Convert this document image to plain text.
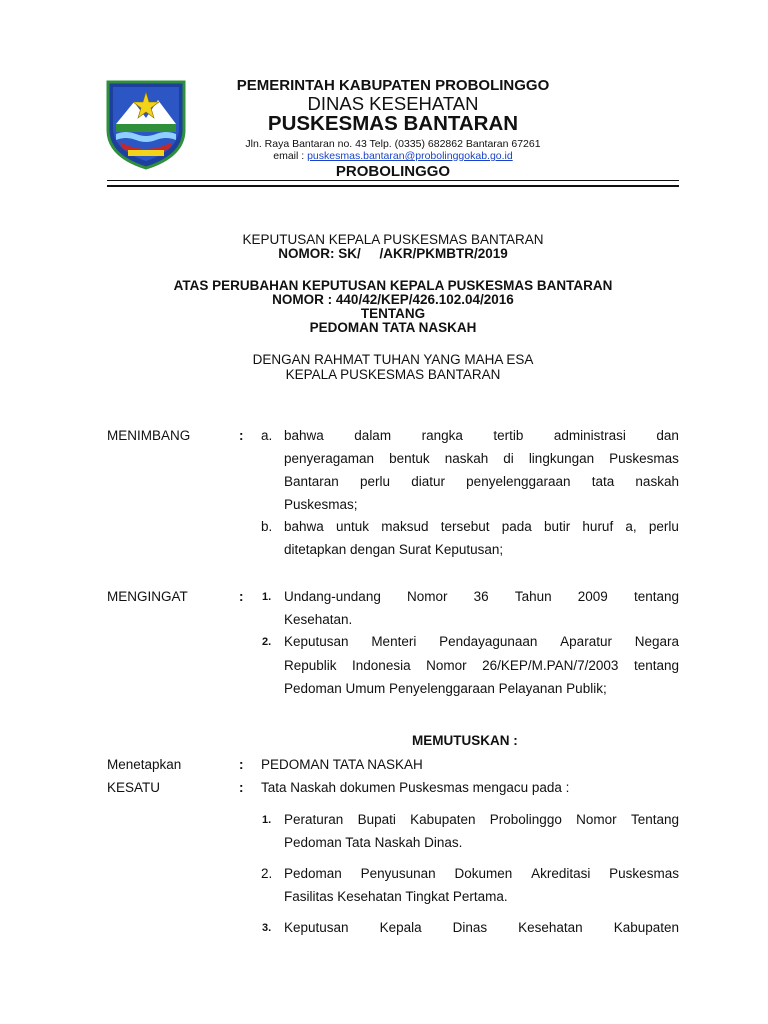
PEMERINTAH KABUPATEN PROBOLINGGO
DINAS KESEHATAN
PUSKESMAS BANTARAN
Jln. Raya Bantaran no. 43 Telp. (0335) 682862 Bantaran 67261
email : puskesmas.bantaran@probolinggokab.go.id
PROBOLINGGO
KEPUTUSAN KEPALA PUSKESMAS BANTARAN
NOMOR: SK/     /AKR/PKMBTR/2019
ATAS PERUBAHAN KEPUTUSAN KEPALA PUSKESMAS BANTARAN
NOMOR : 440/42/KEP/426.102.04/2016
TENTANG
PEDOMAN TATA NASKAH
DENGAN RAHMAT TUHAN YANG MAHA ESA
KEPALA PUSKESMAS BANTARAN
MENIMBANG	: a. bahwa dalam rangka tertib administrasi dan
penyeragaman bentuk naskah di lingkungan Puskesmas
Bantaran perlu diatur penyelenggaraan tata naskah
Puskesmas;
b. bahwa untuk maksud tersebut pada butir huruf a, perlu
ditetapkan dengan Surat Keputusan;
MENGINGAT	: 1. Undang-undang Nomor 36 Tahun 2009 tentang
Kesehatan.
2. Keputusan Menteri Pendayagunaan Aparatur Negara
Republik Indonesia Nomor 26/KEP/M.PAN/7/2003 tentang
Pedoman Umum Penyelenggaraan Pelayanan Publik;
MEMUTUSKAN :
Menetapkan	: PEDOMAN TATA NASKAH
KESATU	: Tata Naskah dokumen Puskesmas mengacu pada :
1. Peraturan Bupati Kabupaten Probolinggo Nomor Tentang
Pedoman Tata Naskah Dinas.
2. Pedoman Penyusunan Dokumen Akreditasi Puskesmas
Fasilitas Kesehatan Tingkat Pertama.
3. Keputusan Kepala Dinas Kesehatan Kabupaten
